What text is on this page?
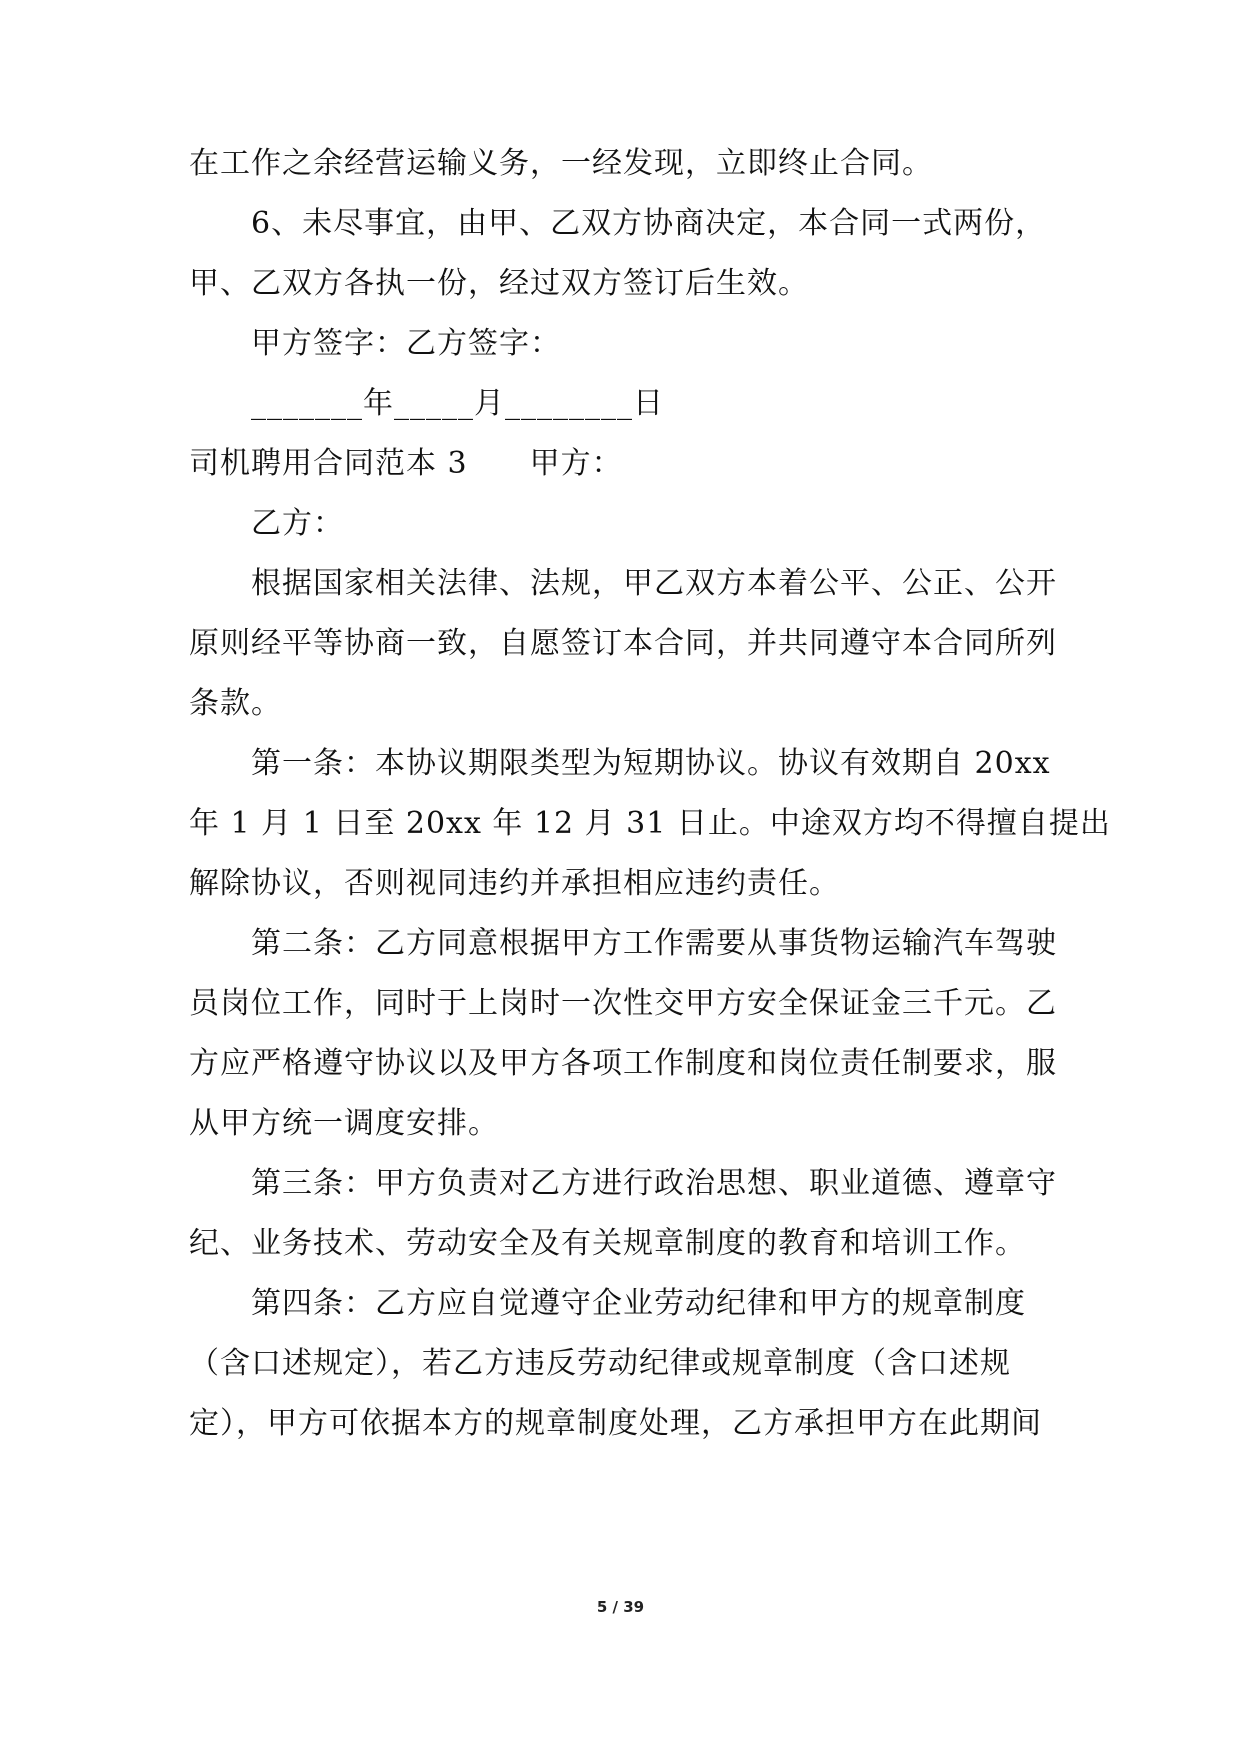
在工作之余经营运输义务，一经发现，立即终止合同。
6、未尽事宜，由甲、乙双方协商决定，本合同一式两份，
甲、乙双方各执一份，经过双方签订后生效。
甲方签字：乙方签字：
_______年_____月________日
司机聘用合同范本 3　　甲方：
乙方：
根据国家相关法律、法规，甲乙双方本着公平、公正、公开
原则经平等协商一致，自愿签订本合同，并共同遵守本合同所列
条款。
第一条：本协议期限类型为短期协议。协议有效期自 20xx
年 1 月 1 日至 20xx 年 12 月 31 日止。中途双方均不得擅自提出
解除协议，否则视同违约并承担相应违约责任。
第二条：乙方同意根据甲方工作需要从事货物运输汽车驾驶
员岗位工作，同时于上岗时一次性交甲方安全保证金三千元。乙
方应严格遵守协议以及甲方各项工作制度和岗位责任制要求，服
从甲方统一调度安排。
第三条：甲方负责对乙方进行政治思想、职业道德、遵章守
纪、业务技术、劳动安全及有关规章制度的教育和培训工作。
第四条：乙方应自觉遵守企业劳动纪律和甲方的规章制度
（含口述规定），若乙方违反劳动纪律或规章制度（含口述规
定），甲方可依据本方的规章制度处理，乙方承担甲方在此期间
5 / 39
